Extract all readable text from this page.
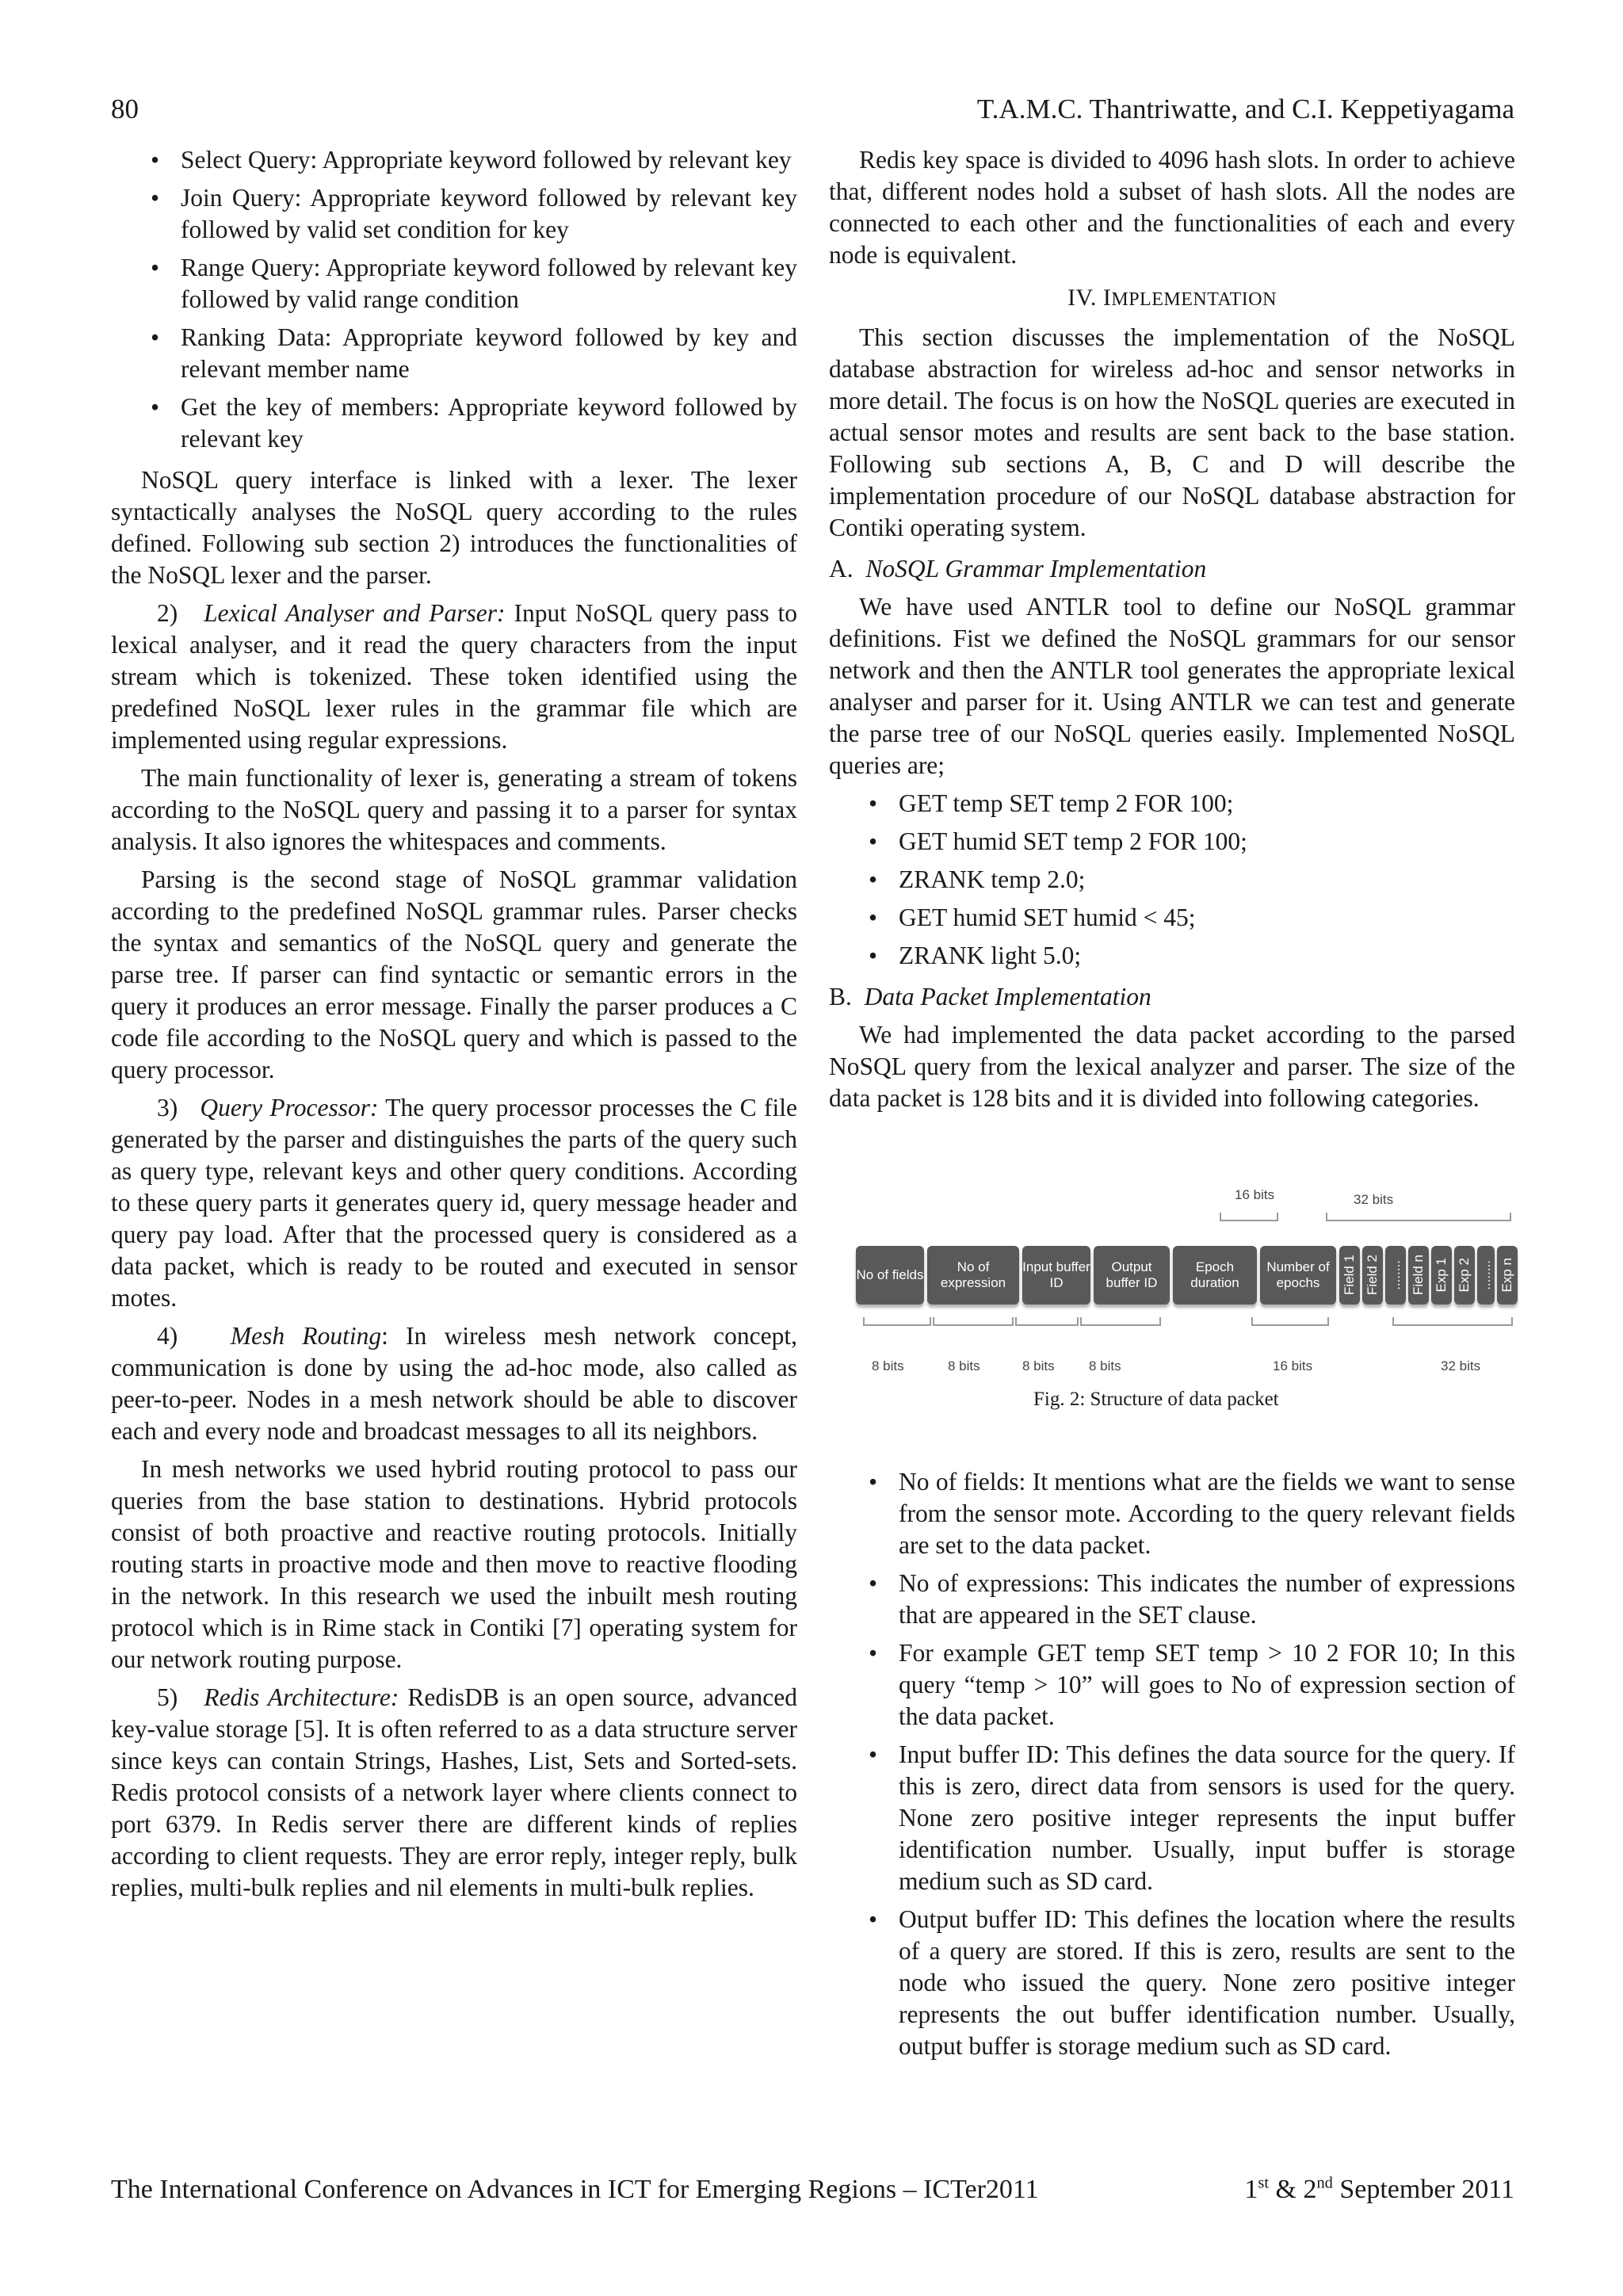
80	T.A.M.C. Thantriwatte, and C.I. Keppetiyagama
• Select Query: Appropriate keyword followed by relevant key
• Join Query: Appropriate keyword followed by relevant key followed by valid set condition for key
• Range Query: Appropriate keyword followed by relevant key followed by valid range condition
• Ranking Data: Appropriate keyword followed by key and relevant member name
• Get the key of members: Appropriate keyword followed by relevant key

NoSQL query interface is linked with a lexer. The lexer syntactically analyses the NoSQL query according to the rules defined. Following sub section 2) introduces the functionalities of the NoSQL lexer and the parser.

2) Lexical Analyser and Parser: Input NoSQL query pass to lexical analyser, and it read the query characters from the input stream which is tokenized. These token identified using the predefined NoSQL lexer rules in the grammar file which are implemented using regular expressions.

The main functionality of lexer is, generating a stream of tokens according to the NoSQL query and passing it to a parser for syntax analysis. It also ignores the whitespaces and comments.

Parsing is the second stage of NoSQL grammar validation according to the predefined NoSQL grammar rules. Parser checks the syntax and semantics of the NoSQL query and generate the parse tree. If parser can find syntactic or semantic errors in the query it produces an error message. Finally the parser produces a C code file according to the NoSQL query and which is passed to the query processor.

3) Query Processor: The query processor processes the C file generated by the parser and distinguishes the parts of the query such as query type, relevant keys and other query conditions. According to these query parts it generates query id, query message header and query pay load. After that the processed query is considered as a data packet, which is ready to be routed and executed in sensor motes.

4) Mesh Routing: In wireless mesh network concept, communication is done by using the ad-hoc mode, also called as peer-to-peer. Nodes in a mesh network should be able to discover each and every node and broadcast messages to all its neighbors.

In mesh networks we used hybrid routing protocol to pass our queries from the base station to destinations. Hybrid protocols consist of both proactive and reactive routing protocols. Initially routing starts in proactive mode and then move to reactive flooding in the network. In this research we used the inbuilt mesh routing protocol which is in Rime stack in Contiki [7] operating system for our network routing purpose.

5) Redis Architecture: RedisDB is an open source, advanced key-value storage [5]. It is often referred to as a data structure server since keys can contain Strings, Hashes, List, Sets and Sorted-sets. Redis protocol consists of a network layer where clients connect to port 6379. In Redis server there are different kinds of replies according to client requests. They are error reply, integer reply, bulk replies, multi-bulk replies and nil elements in multi-bulk replies.

Redis key space is divided to 4096 hash slots. In order to achieve that, different nodes hold a subset of hash slots. All the nodes are connected to each other and the functionalities of each and every node is equivalent.

IV. IMPLEMENTATION

This section discusses the implementation of the NoSQL database abstraction for wireless ad-hoc and sensor networks in more detail. The focus is on how the NoSQL queries are executed in actual sensor motes and results are sent back to the base station. Following sub sections A, B, C and D will describe the implementation procedure of our NoSQL database abstraction for Contiki operating system.

A. NoSQL Grammar Implementation

We have used ANTLR tool to define our NoSQL grammar definitions. Fist we defined the NoSQL grammars for our sensor network and then the ANTLR tool generates the appropriate lexical analyser and parser for it. Using ANTLR we can test and generate the parse tree of our NoSQL queries easily. Implemented NoSQL queries are;

• GET temp SET temp 2 FOR 100;
• GET humid SET temp 2 FOR 100;
• ZRANK temp 2.0;
• GET humid SET humid < 45;
• ZRANK light 5.0;
B. Data Packet Implementation

We had implemented the data packet according to the parsed NoSQL query from the lexical analyzer and parser. The size of the data packet is 128 bits and it is divided into following categories.

16 bits	32 bits
No of fields
No of expression
Input buffer ID
Output buffer ID
Epoch duration
Number of epochs	Field 1 Field 2 ........ Field n Exp 1 Exp 2 ........ Exp n
8 bits	8 bits	8 bits	8 bits	16 bits	32 bits
Fig. 2: Structure of data packet
• No of fields: It mentions what are the fields we want to sense from the sensor mote. According to the query relevant fields are set to the data packet.
• No of expressions: This indicates the number of expressions that are appeared in the SET clause.
• For example GET temp SET temp > 10 2 FOR 10; In this query “temp > 10” will goes to No of expression section of the data packet.
• Input buffer ID: This defines the data source for the query. If this is zero, direct data from sensors is used for the query. None zero positive integer represents the input buffer identification number. Usually, input buffer is storage medium such as SD card.
• Output buffer ID: This defines the location where the results of a query are stored. If this is zero, results are sent to the node who issued the query. None zero positive integer represents the out buffer identification number. Usually, output buffer is storage medium such as SD card.
The International Conference on Advances in ICT for Emerging Regions – ICTer2011	1st & 2nd September 2011
